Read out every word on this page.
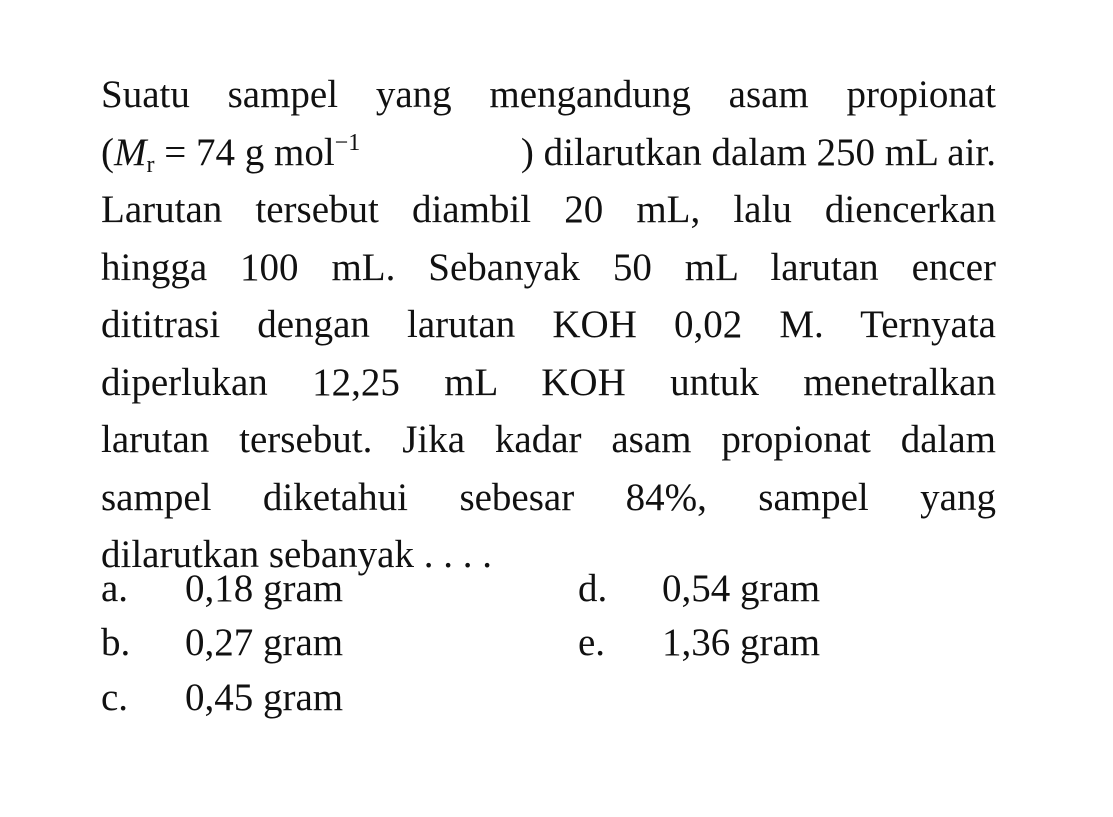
Suatu sampel yang mengandung asam propionat
($M_r = 74$ g mol$^{-1}$	) dilarutkan dalam 250 mL air.
Larutan tersebut diambil 20 mL, lalu diencerkan
hingga 100 mL. Sebanyak 50 mL larutan encer
dititrasi dengan larutan KOH 0,02 M. Ternyata
diperlukan 12,25 mL KOH untuk menetralkan
larutan tersebut. Jika kadar asam propionat dalam
sampel diketahui sebesar 84%, sampel yang
dilarutkan sebanyak . . . .
a. 0,18 gram
b. 0,27 gram
c. 0,45 gram
d. 0,54 gram
e. 1,36 gram
